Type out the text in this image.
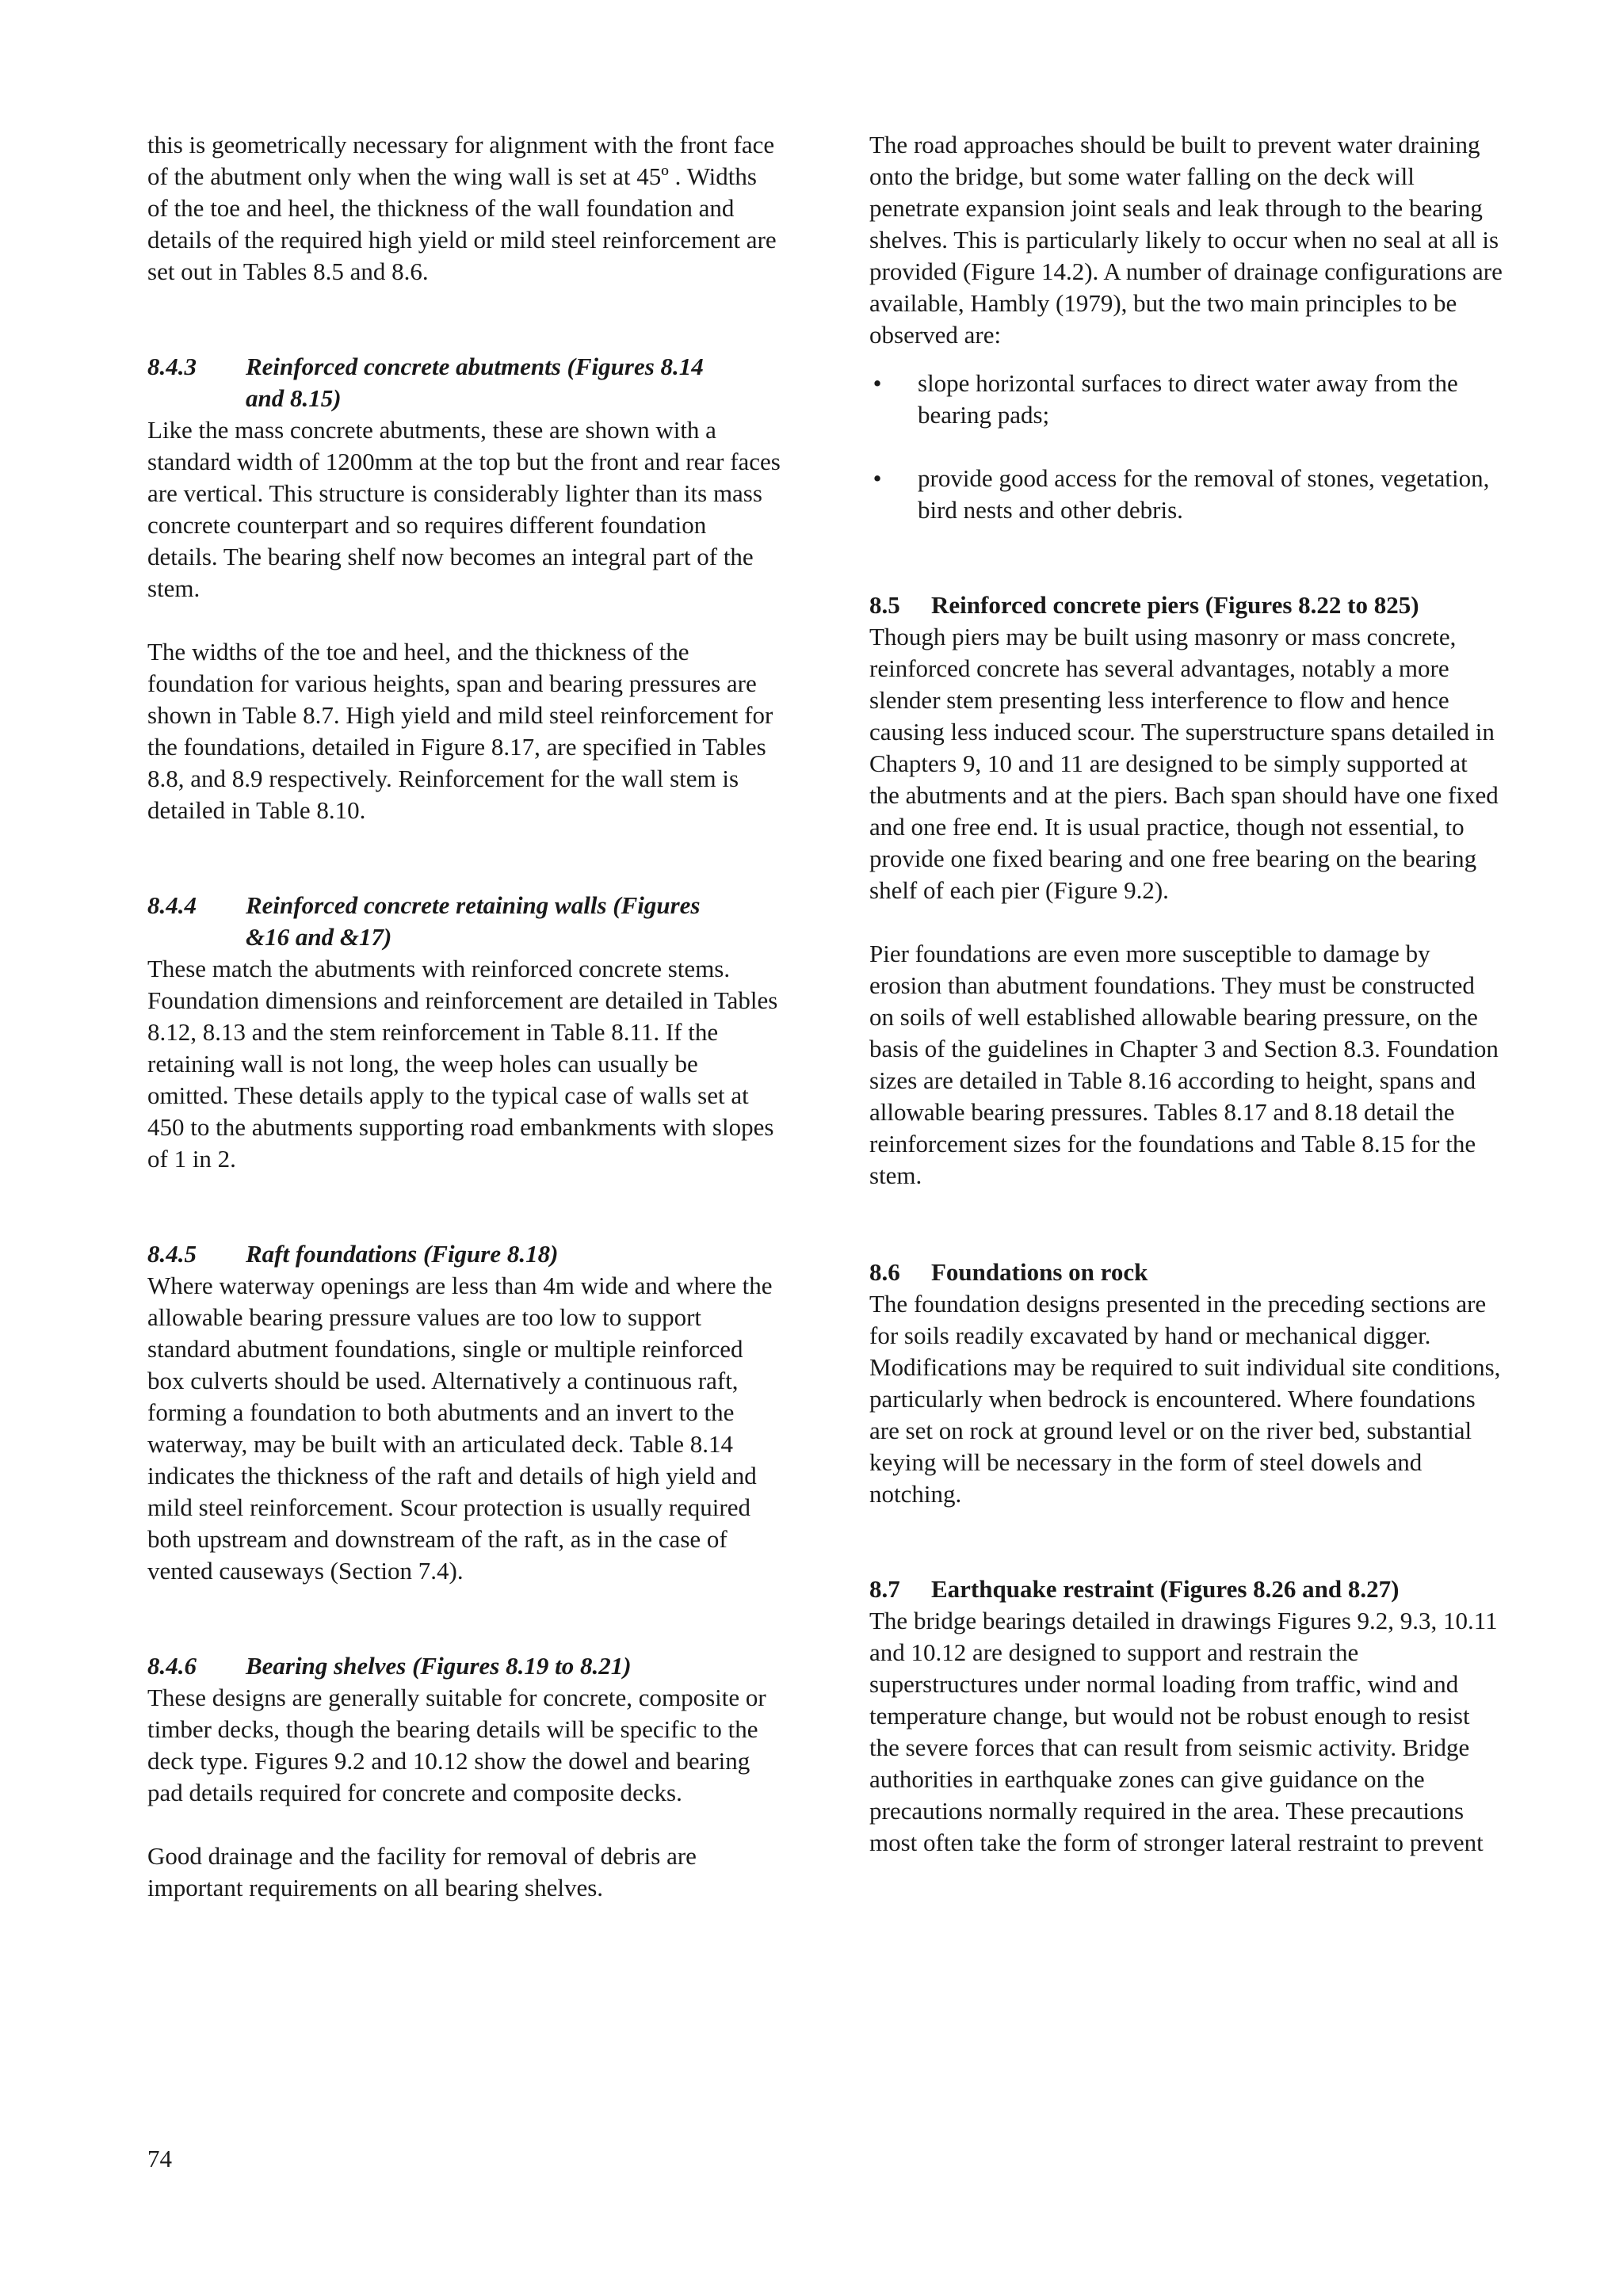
this is geometrically necessary for alignment with the front face of the abutment only when the wing wall is set at 45º . Widths of the toe and heel, the thickness of the wall foundation and details of the required high yield or mild steel reinforcement are set out in Tables 8.5 and 8.6.

8.4.3 Reinforced concrete abutments (Figures 8.14
and 8.15)

Like the mass concrete abutments, these are shown with a standard width of 1200mm at the top but the front and rear faces are vertical. This structure is considerably lighter than its mass concrete counterpart and so requires different foundation details. The bearing shelf now becomes an integral part of the stem.

The widths of the toe and heel, and the thickness of the foundation for various heights, span and bearing pressures are shown in Table 8.7. High yield and mild steel reinforcement for the foundations, detailed in Figure 8.17, are specified in Tables 8.8, and 8.9 respectively. Reinforcement for the wall stem is detailed in Table 8.10.

8.4.4 Reinforced concrete retaining walls (Figures
&16 and &17)

These match the abutments with reinforced concrete stems. Foundation dimensions and reinforcement are detailed in Tables 8.12, 8.13 and the stem reinforcement in Table 8.11. If the retaining wall is not long, the weep holes can usually be omitted. These details apply to the typical case of walls set at 450 to the abutments supporting road embankments with slopes of 1 in 2.

8.4.5 Raft foundations (Figure 8.18)

Where waterway openings are less than 4m wide and where the allowable bearing pressure values are too low to support standard abutment foundations, single or multiple reinforced box culverts should be used. Alternatively a continuous raft, forming a foundation to both abutments and an invert to the waterway, may be built with an articulated deck. Table 8.14 indicates the thickness of the raft and details of high yield and mild steel reinforcement. Scour protection is usually required both upstream and downstream of the raft, as in the case of vented causeways (Section 7.4).

8.4.6 Bearing shelves (Figures 8.19 to 8.21)

These designs are generally suitable for concrete, composite or timber decks, though the bearing details will be specific to the deck type. Figures 9.2 and 10.12 show the dowel and bearing pad details required for concrete and composite decks.

Good drainage and the facility for removal of debris are important requirements on all bearing shelves.

The road approaches should be built to prevent water draining onto the bridge, but some water falling on the deck will penetrate expansion joint seals and leak through to the bearing shelves. This is particularly likely to occur when no seal at all is provided (Figure 14.2). A number of drainage configurations are available, Hambly (1979), but the two main principles to be observed are:

• slope horizontal surfaces to direct water away from the bearing pads;
• provide good access for the removal of stones, vegetation, bird nests and other debris.
8.5 Reinforced concrete piers (Figures 8.22 to 825)

Though piers may be built using masonry or mass concrete, reinforced concrete has several advantages, notably a more slender stem presenting less interference to flow and hence causing less induced scour. The superstructure spans detailed in Chapters 9, 10 and 11 are designed to be simply supported at the abutments and at the piers. Bach span should have one fixed and one free end. It is usual practice, though not essential, to provide one fixed bearing and one free bearing on the bearing shelf of each pier (Figure 9.2).

Pier foundations are even more susceptible to damage by erosion than abutment foundations. They must be constructed on soils of well established allowable bearing pressure, on the basis of the guidelines in Chapter 3 and Section 8.3. Foundation sizes are detailed in Table 8.16 according to height, spans and allowable bearing pressures. Tables 8.17 and 8.18 detail the reinforcement sizes for the foundations and Table 8.15 for the stem.

8.6 Foundations on rock

The foundation designs presented in the preceding sections are for soils readily excavated by hand or mechanical digger. Modifications may be required to suit individual site conditions, particularly when bedrock is encountered. Where foundations are set on rock at ground level or on the river bed, substantial keying will be necessary in the form of steel dowels and notching.

8.7 Earthquake restraint (Figures 8.26 and 8.27)

The bridge bearings detailed in drawings Figures 9.2, 9.3, 10.11 and 10.12 are designed to support and restrain the superstructures under normal loading from traffic, wind and temperature change, but would not be robust enough to resist the severe forces that can result from seismic activity. Bridge authorities in earthquake zones can give guidance on the precautions normally required in the area. These precautions most often take the form of stronger lateral restraint to prevent

74
